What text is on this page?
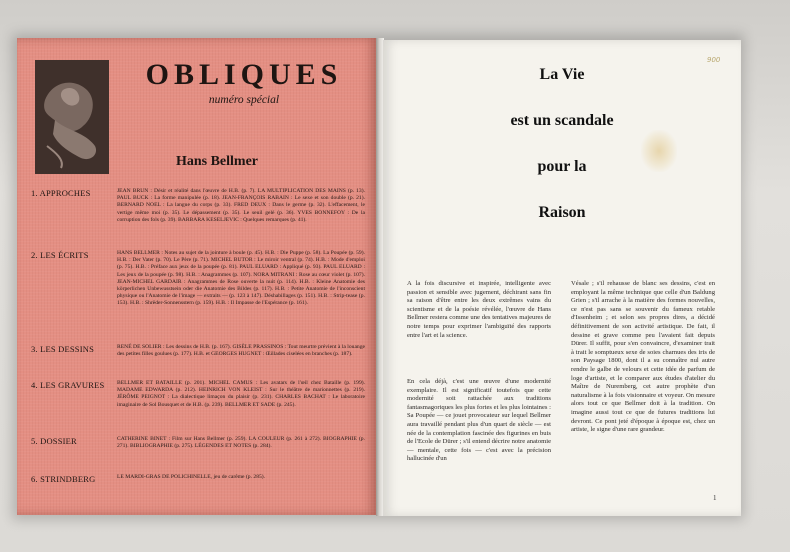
OBLIQUES
numéro spécial
Hans Bellmer
1. APPROCHES	JEAN BRUN : Désir et réalité dans l'œuvre de H.B. (p. 7). LA MULTIPLICATION DES MAINS (p. 13). PAUL BUCK : La forme manipulée (p. 18). JEAN-FRANÇOIS RABAIN : Le sexe et son double (p. 21). BERNARD NOEL : La langue du corps (p. 33). FRED DEUX : Dans le germe (p. 32). L'effacement, le vertige même moi (p. 35). Le dépassement (p. 35). Le seuil gelé (p. 36). YVES BONNEFOY : De la corruption des fols (p. 39). BARBARA KESELJEVIC : Quelques remarques (p. 41).
2. LES ÉCRITS	HANS BELLMER : Notes au sujet de la jointure à boule (p. 45). H.B. : Die Puppe (p. 58). La Poupée (p. 59). H.B. : Der Vater (p. 70). Le Père (p. 71). MICHEL BUTOR : Le miroir ventral (p. 74). H.B. : Mode d'emploi (p. 75). H.B. : Préface aux jeux de la poupée (p. 81). PAUL ELUARD : Appliqué (p. 93). PAUL ELUARD : Les jeux de la poupée (p. 98). H.B. : Anagrammes (p. 107). NORA MITRANI : Rose au cœur violet (p. 107). JEAN-MICHEL GARDAIR : Anagrammes de Rose ouverte la nuit (p. 114). H.B. : Kleine Anatomie des körperlichen Unbewusstsein oder die Anatomie des Bildes (p. 117). H.B. : Petite Anatomie de l'inconscient physique ou l'Anatomie de l'image — extraits — (p. 123 à 147). Déshabillages (p. 151). H.B. : Strip-tease (p. 153). H.B. : Shrëder-Sonnensstern (p. 159). H.B. : Il Impasse de l'Espérance (p. 161).
3. LES DESSINS	RENÉ DE SOLIER : Les dessins de H.B. (p. 167). GISÈLE PRASSINOS : Tout meurtre prévient à la louange des petites filles goulues (p. 177). H.B. et GEORGES HUGNET : Œillades ciselées en branches (p. 187).
4. LES GRAVURES	BELLMER ET BATAILLE (p. 201). MICHEL CAMUS : Les avatars de l'œil chez Bataille (p. 199). MADAME EDWARDA (p. 212). HEINRICH VON KLEIST : Sur le théâtre de marionnettes (p. 219). JÉRÔME PEIGNOT : La dialectique limaçon du plaisir (p. 231). CHARLES BACHAT : Le laboratoire imaginaire de Sol Bousquet et de H.B. (p. 239). BELLMER ET SADE (p. 245).
5. DOSSIER	CATHERINE BINET : Film sur Hans Bellmer (p. 259). LA COULEUR (p. 261 à 272). BIOGRAPHIE (p. 271). BIBLIOGRAPHIE (p. 275). LÉGENDES ET NOTES (p. 284).
6. STRINDBERG	LE MARDI-GRAS DE POLICHINELLE, jeu de carême (p. 285).
900
La Vie
est un scandale
pour la
Raison
A la fois discursive et inspirée, intelligente avec passion et sensible avec jugement, déchirant sans fin sa raison d'être entre les deux extrêmes vains du scientisme et de la poésie révélée, l'œuvre de Hans Bellmer restera comme une des tentatives majeures de notre temps pour exprimer l'ambiguïté des rapports entre l'art et la science.
En cela déjà, c'est une œuvre d'une modernité exemplaire. Il est significatif toutefois que cette modernité soit rattachée aux traditions fantasmagoriques les plus fortes et les plus lointaines : Sa Poupée — ce jouet provocateur sur lequel Bellmer aura travaillé pendant plus d'un quart de siècle — est née de la contemplation fascinée des figurines en buis de l'Ecole de Dürer ; s'il entend décrire notre anatomie — mentale, cette fois — c'est avec la précision hallucinée d'un
Vésale ; s'il rehausse de blanc ses dessins, c'est en employant la même technique que celle d'un Baldung Grien ; s'il arrache à la matière des formes nouvelles, ce n'est pas sans se souvenir du fameux retable d'Issenheim ; et selon ses propres dires, a décidé définitivement de son activité artistique. De fait, il dessine et grave comme peu l'avaient fait depuis Dürer. Il suffit, pour s'en convaincre, d'examiner trait à trait le somptueux sexe de soies charnues des iris de son Paysage 1800, dont il a su connaître nul autre rendre le galbe de velours et cette idée de parfum de loge d'artiste, et le comparer aux études d'atelier du Maître de Nuremberg, cet autre prophète d'un naturalisme à la fois visionnaire et voyeur. On mesure alors tout ce que Bellmer doit à la tradition. On imagine aussi tout ce que de futures traditions lui devront. Ce pont jeté d'époque à époque est, chez un artiste, le signe d'une rare grandeur.
1
